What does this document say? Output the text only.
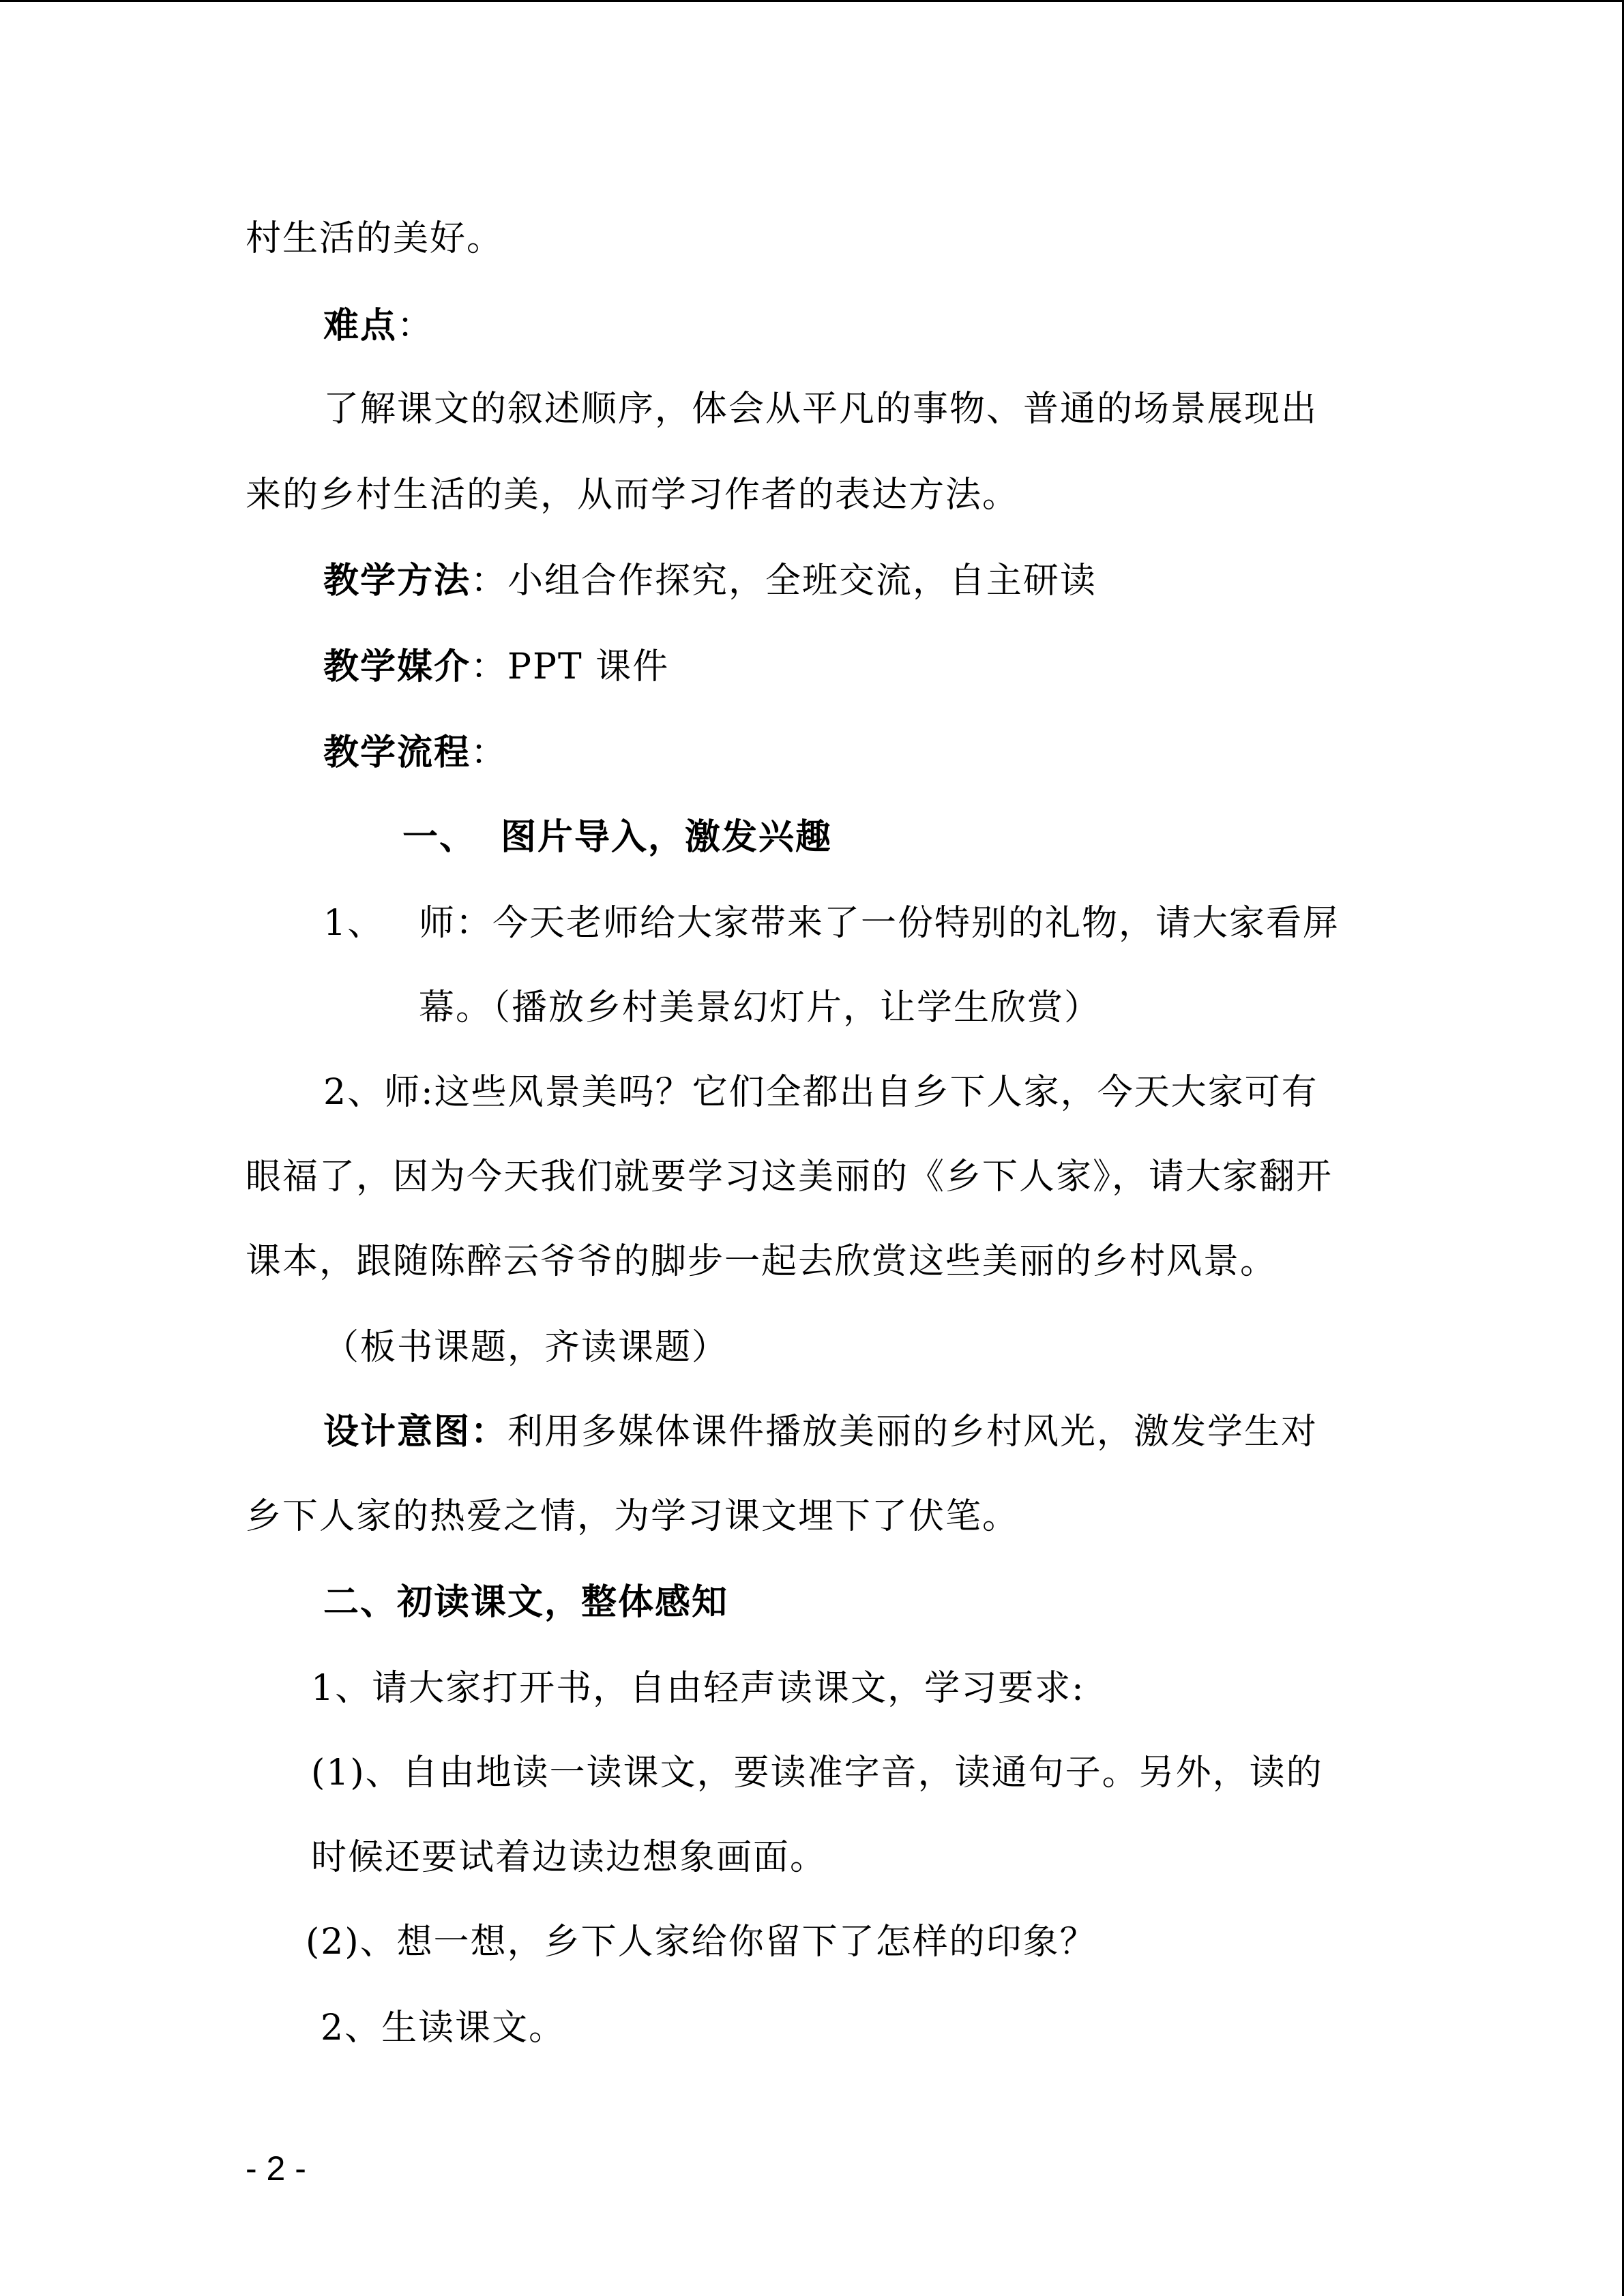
村生活的美好。
难点：
了解课文的叙述顺序，体会从平凡的事物、普通的场景展现出
来的乡村生活的美，从而学习作者的表达方法。
教学方法：小组合作探究，全班交流，自主研读
教学媒介：PPT 课件
教学流程：
一、 图片导入，激发兴趣
1、 师：今天老师给大家带来了一份特别的礼物，请大家看屏
幕。（播放乡村美景幻灯片，让学生欣赏）
2、师:这些风景美吗？它们全都出自乡下人家，今天大家可有
眼福了，因为今天我们就要学习这美丽的《乡下人家》，请大家翻开
课本，跟随陈醉云爷爷的脚步一起去欣赏这些美丽的乡村风景。
（板书课题，齐读课题）
设计意图：利用多媒体课件播放美丽的乡村风光，激发学生对
乡下人家的热爱之情，为学习课文埋下了伏笔。
二、初读课文，整体感知
1、请大家打开书，自由轻声读课文，学习要求:
(1)、自由地读一读课文，要读准字音，读通句子。另外，读的
时候还要试着边读边想象画面。
(2)、想一想，乡下人家给你留下了怎样的印象？
2、生读课文。
- 2 -
